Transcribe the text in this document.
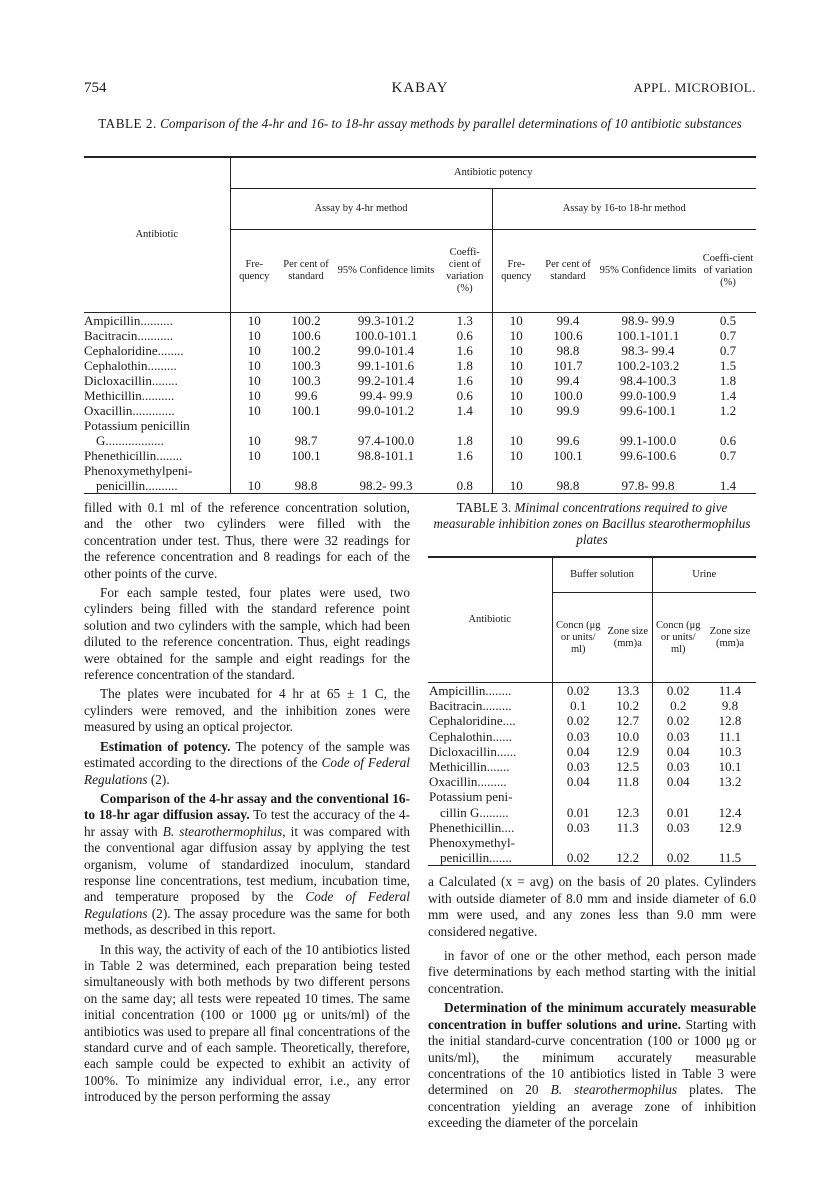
754	KABAY	APPL. MICROBIOL.
TABLE 2. Comparison of the 4-hr and 16- to 18-hr assay methods by parallel determinations of 10 antibiotic substances
Antibiotic	Antibiotic potency							
	Assay by 4-hr method				Assay by 16-to 18-hr method			
	Fre-quency	Per cent of standard	95% Confidence limits	Coeffi-cient of variation (%)	Fre-quency	Per cent of standard	95% Confidence limits	Coeffi-cient of variation (%)
Ampicillin..........	10	100.2	99.3-101.2	1.3	10	99.4	98.9- 99.9	0.5
Bacitracin...........	10	100.6	100.0-101.1	0.6	10	100.6	100.1-101.1	0.7
Cephaloridine........	10	100.2	99.0-101.4	1.6	10	98.8	98.3- 99.4	0.7
Cephalothin.........	10	100.3	99.1-101.6	1.8	10	101.7	100.2-103.2	1.5
Dicloxacillin........	10	100.3	99.2-101.4	1.6	10	99.4	98.4-100.3	1.8
Methicillin..........	10	99.6	99.4- 99.9	0.6	10	100.0	99.0-100.9	1.4
Oxacillin.............	10	100.1	99.0-101.2	1.4	10	99.9	99.6-100.1	1.2
Potassium penicillin								
G..................	10	98.7	97.4-100.0	1.8	10	99.6	99.1-100.0	0.6
Phenethicillin........	10	100.1	98.8-101.1	1.6	10	100.1	99.6-100.6	0.7
Phenoxymethylpeni-								
penicillin..........	10	98.8	98.2- 99.3	0.8	10	98.8	97.8- 99.8	1.4

filled with 0.1 ml of the reference concentration solution, and the other two cylinders were filled with the concentration under test. Thus, there were 32 readings for the reference concentration and 8 readings for each of the other points of the curve.

For each sample tested, four plates were used, two cylinders being filled with the standard reference point solution and two cylinders with the sample, which had been diluted to the reference concentration. Thus, eight readings were obtained for the sample and eight readings for the reference concentration of the standard.

The plates were incubated for 4 hr at 65 ± 1 C, the cylinders were removed, and the inhibition zones were measured by using an optical projector.

Estimation of potency. The potency of the sample was estimated according to the directions of the Code of Federal Regulations (2).

Comparison of the 4-hr assay and the conventional 16- to 18-hr agar diffusion assay. To test the accuracy of the 4-hr assay with B. stearothermophilus, it was compared with the conventional agar diffusion assay by applying the test organism, volume of standardized inoculum, standard response line concentrations, test medium, incubation time, and temperature proposed by the Code of Federal Regulations (2). The assay procedure was the same for both methods, as described in this report.

In this way, the activity of each of the 10 antibiotics listed in Table 2 was determined, each preparation being tested simultaneously with both methods by two different persons on the same day; all tests were repeated 10 times. The same initial concentration (100 or 1000 μg or units/ml) of the antibiotics was used to prepare all final concentrations of the standard curve and of each sample. Theoretically, therefore, each sample could be expected to exhibit an activity of 100%. To minimize any individual error, i.e., any error introduced by the person performing the assay

TABLE 3. Minimal concentrations required to give measurable inhibition zones on Bacillus stearothermophilus plates
Antibiotic	Buffer solution		Urine	
	Concn (μg or units/ ml)	Zone size (mm)a	Concn (μg or units/ ml)	Zone size (mm)a
Ampicillin........	0.02	13.3	0.02	11.4
Bacitracin.........	0.1	10.2	0.2	9.8
Cephaloridine....	0.02	12.7	0.02	12.8
Cephalothin......	0.03	10.0	0.03	11.1
Dicloxacillin......	0.04	12.9	0.04	10.3
Methicillin.......	0.03	12.5	0.03	10.1
Oxacillin.........	0.04	11.8	0.04	13.2
Potassium peni-				
cillin G.........	0.01	12.3	0.01	12.4
Phenethicillin....	0.03	11.3	0.03	12.9
Phenoxymethyl-				
penicillin.......	0.02	12.2	0.02	11.5

a Calculated (x = avg) on the basis of 20 plates. Cylinders with outside diameter of 8.0 mm and inside diameter of 6.0 mm were used, and any zones less than 9.0 mm were considered negative.

in favor of one or the other method, each person made five determinations by each method starting with the initial concentration.

Determination of the minimum accurately measurable concentration in buffer solutions and urine. Starting with the initial standard-curve concentration (100 or 1000 μg or units/ml), the minimum accurately measurable concentrations of the 10 antibiotics listed in Table 3 were determined on 20 B. stearothermophilus plates. The concentration yielding an average zone of inhibition exceeding the diameter of the porcelain
